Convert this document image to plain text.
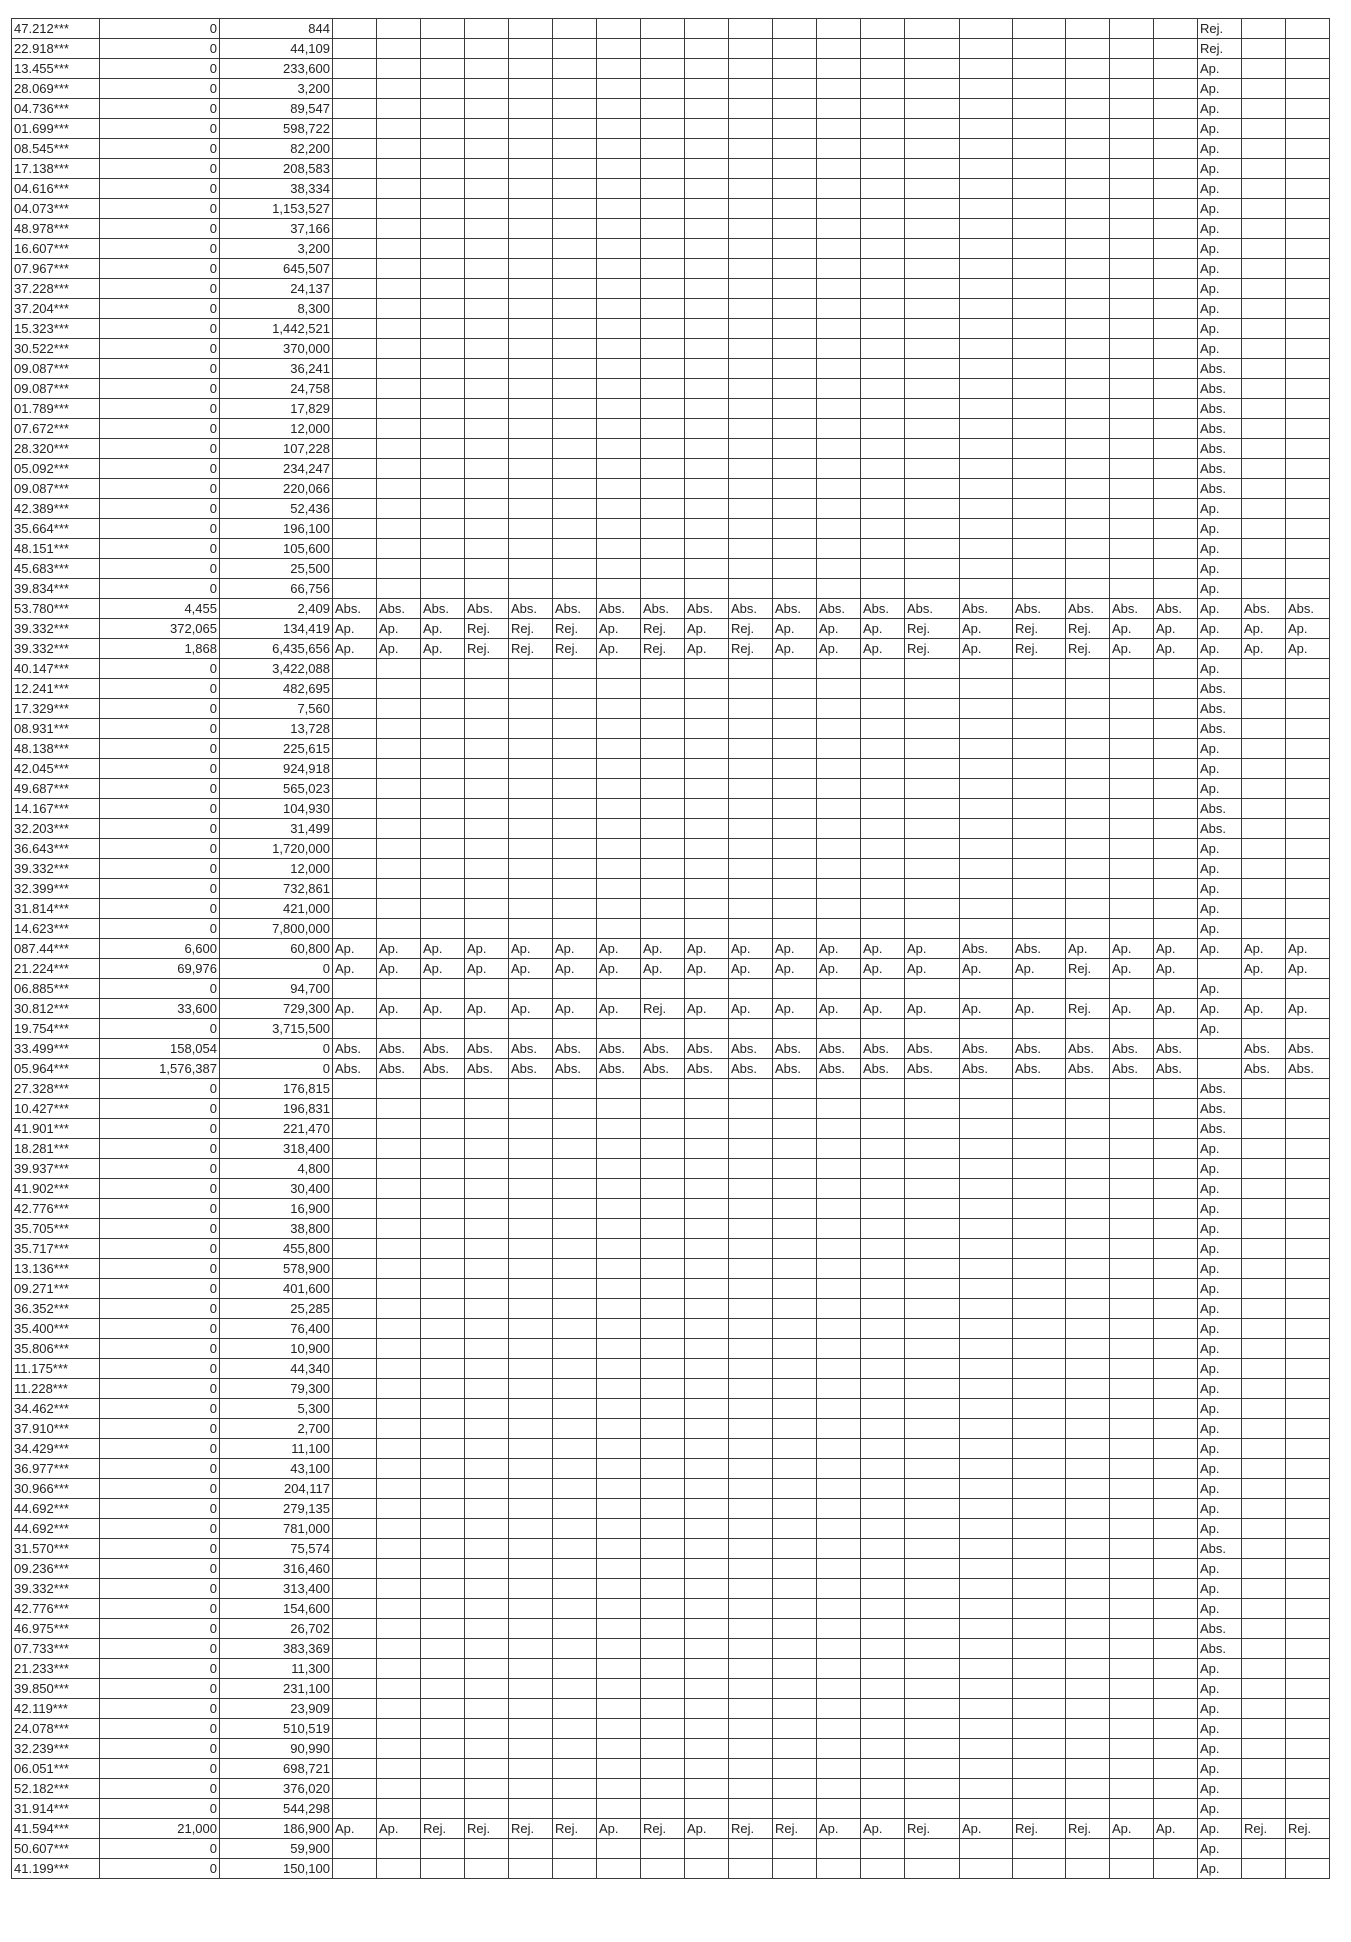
47.212***	0	844																				Rej.		
22.918***	0	44,109																				Rej.		
13.455***	0	233,600																				Ap.		
28.069***	0	3,200																				Ap.		
04.736***	0	89,547																				Ap.		
01.699***	0	598,722																				Ap.		
08.545***	0	82,200																				Ap.		
17.138***	0	208,583																				Ap.		
04.616***	0	38,334																				Ap.		
04.073***	0	1,153,527																				Ap.		
48.978***	0	37,166																				Ap.		
16.607***	0	3,200																				Ap.		
07.967***	0	645,507																				Ap.		
37.228***	0	24,137																				Ap.		
37.204***	0	8,300																				Ap.		
15.323***	0	1,442,521																				Ap.		
30.522***	0	370,000																				Ap.		
09.087***	0	36,241																				Abs.		
09.087***	0	24,758																				Abs.		
01.789***	0	17,829																				Abs.		
07.672***	0	12,000																				Abs.		
28.320***	0	107,228																				Abs.		
05.092***	0	234,247																				Abs.		
09.087***	0	220,066																				Abs.		
42.389***	0	52,436																				Ap.		
35.664***	0	196,100																				Ap.		
48.151***	0	105,600																				Ap.		
45.683***	0	25,500																				Ap.		
39.834***	0	66,756																				Ap.		
53.780***	4,455	2,409	Abs.	Abs.	Abs.	Abs.	Abs.	Abs.	Abs.	Abs.	Abs.	Abs.	Abs.	Abs.	Abs.	Abs.	Abs.	Abs.	Abs.	Abs.	Abs.	Ap.	Abs.	Abs.
39.332***	372,065	134,419	Ap.	Ap.	Ap.	Rej.	Rej.	Rej.	Ap.	Rej.	Ap.	Rej.	Ap.	Ap.	Ap.	Rej.	Ap.	Rej.	Rej.	Ap.	Ap.	Ap.	Ap.	Ap.
39.332***	1,868	6,435,656	Ap.	Ap.	Ap.	Rej.	Rej.	Rej.	Ap.	Rej.	Ap.	Rej.	Ap.	Ap.	Ap.	Rej.	Ap.	Rej.	Rej.	Ap.	Ap.	Ap.	Ap.	Ap.
40.147***	0	3,422,088																				Ap.		
12.241***	0	482,695																				Abs.		
17.329***	0	7,560																				Abs.		
08.931***	0	13,728																				Abs.		
48.138***	0	225,615																				Ap.		
42.045***	0	924,918																				Ap.		
49.687***	0	565,023																				Ap.		
14.167***	0	104,930																				Abs.		
32.203***	0	31,499																				Abs.		
36.643***	0	1,720,000																				Ap.		
39.332***	0	12,000																				Ap.		
32.399***	0	732,861																				Ap.		
31.814***	0	421,000																				Ap.		
14.623***	0	7,800,000																				Ap.		
087.44***	6,600	60,800	Ap.	Ap.	Ap.	Ap.	Ap.	Ap.	Ap.	Ap.	Ap.	Ap.	Ap.	Ap.	Ap.	Ap.	Abs.	Abs.	Ap.	Ap.	Ap.	Ap.	Ap.	Ap.
21.224***	69,976	0	Ap.	Ap.	Ap.	Ap.	Ap.	Ap.	Ap.	Ap.	Ap.	Ap.	Ap.	Ap.	Ap.	Ap.	Ap.	Ap.	Rej.	Ap.	Ap.		Ap.	Ap.
06.885***	0	94,700																				Ap.		
30.812***	33,600	729,300	Ap.	Ap.	Ap.	Ap.	Ap.	Ap.	Ap.	Rej.	Ap.	Ap.	Ap.	Ap.	Ap.	Ap.	Ap.	Ap.	Rej.	Ap.	Ap.	Ap.	Ap.	Ap.
19.754***	0	3,715,500																				Ap.		
33.499***	158,054	0	Abs.	Abs.	Abs.	Abs.	Abs.	Abs.	Abs.	Abs.	Abs.	Abs.	Abs.	Abs.	Abs.	Abs.	Abs.	Abs.	Abs.	Abs.	Abs.		Abs.	Abs.
05.964***	1,576,387	0	Abs.	Abs.	Abs.	Abs.	Abs.	Abs.	Abs.	Abs.	Abs.	Abs.	Abs.	Abs.	Abs.	Abs.	Abs.	Abs.	Abs.	Abs.	Abs.		Abs.	Abs.
27.328***	0	176,815																				Abs.		
10.427***	0	196,831																				Abs.		
41.901***	0	221,470																				Abs.		
18.281***	0	318,400																				Ap.		
39.937***	0	4,800																				Ap.		
41.902***	0	30,400																				Ap.		
42.776***	0	16,900																				Ap.		
35.705***	0	38,800																				Ap.		
35.717***	0	455,800																				Ap.		
13.136***	0	578,900																				Ap.		
09.271***	0	401,600																				Ap.		
36.352***	0	25,285																				Ap.		
35.400***	0	76,400																				Ap.		
35.806***	0	10,900																				Ap.		
11.175***	0	44,340																				Ap.		
11.228***	0	79,300																				Ap.		
34.462***	0	5,300																				Ap.		
37.910***	0	2,700																				Ap.		
34.429***	0	11,100																				Ap.		
36.977***	0	43,100																				Ap.		
30.966***	0	204,117																				Ap.		
44.692***	0	279,135																				Ap.		
44.692***	0	781,000																				Ap.		
31.570***	0	75,574																				Abs.		
09.236***	0	316,460																				Ap.		
39.332***	0	313,400																				Ap.		
42.776***	0	154,600																				Ap.		
46.975***	0	26,702																				Abs.		
07.733***	0	383,369																				Abs.		
21.233***	0	11,300																				Ap.		
39.850***	0	231,100																				Ap.		
42.119***	0	23,909																				Ap.		
24.078***	0	510,519																				Ap.		
32.239***	0	90,990																				Ap.		
06.051***	0	698,721																				Ap.		
52.182***	0	376,020																				Ap.		
31.914***	0	544,298																				Ap.		
41.594***	21,000	186,900	Ap.	Ap.	Rej.	Rej.	Rej.	Rej.	Ap.	Rej.	Ap.	Rej.	Rej.	Ap.	Ap.	Rej.	Ap.	Rej.	Rej.	Ap.	Ap.	Ap.	Rej.	Rej.
50.607***	0	59,900																				Ap.		
41.199***	0	150,100																				Ap.		
